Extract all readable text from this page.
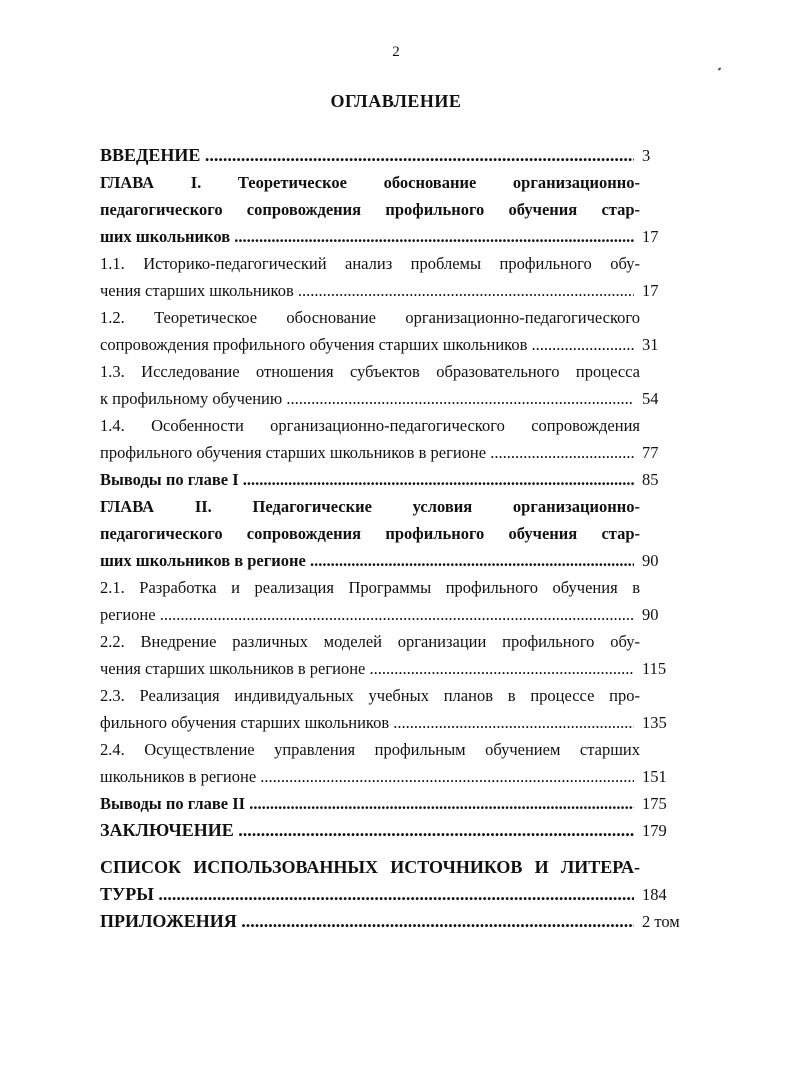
2
ОГЛАВЛЕНИЕ
ВВЕДЕНИЕ .....	3
ГЛАВА I. Теоретическое обоснование организационно-
педагогического сопровождения профильного обучения стар-
ших школьников .....	17
1.1. Историко-педагогический анализ проблемы профильного обу-
чения старших школьников .....	17
1.2. Теоретическое обоснование организационно-педагогического
сопровождения профильного обучения старших школьников .....	31
1.3. Исследование отношения субъектов образовательного процесса
к профильному обучению .....	54
1.4. Особенности организационно-педагогического сопровождения
профильного обучения старших школьников в регионе .....	77
Выводы по главе I .....	85
ГЛАВА II. Педагогические условия организационно-
педагогического сопровождения профильного обучения стар-
ших школьников в регионе .....	90
2.1. Разработка и реализация Программы профильного обучения в
регионе .....	90
2.2. Внедрение различных моделей организации профильного обу-
чения старших школьников в регионе .....	115
2.3. Реализация индивидуальных учебных планов в процессе про-
фильного обучения старших школьников .....	135
2.4. Осуществление управления профильным обучением старших
школьников в регионе .....	151
Выводы по главе II .....	175
ЗАКЛЮЧЕНИЕ .....	179
СПИСОК ИСПОЛЬЗОВАННЫХ ИСТОЧНИКОВ И ЛИТЕРА-
ТУРЫ .....	184
ПРИЛОЖЕНИЯ .....	2 том
